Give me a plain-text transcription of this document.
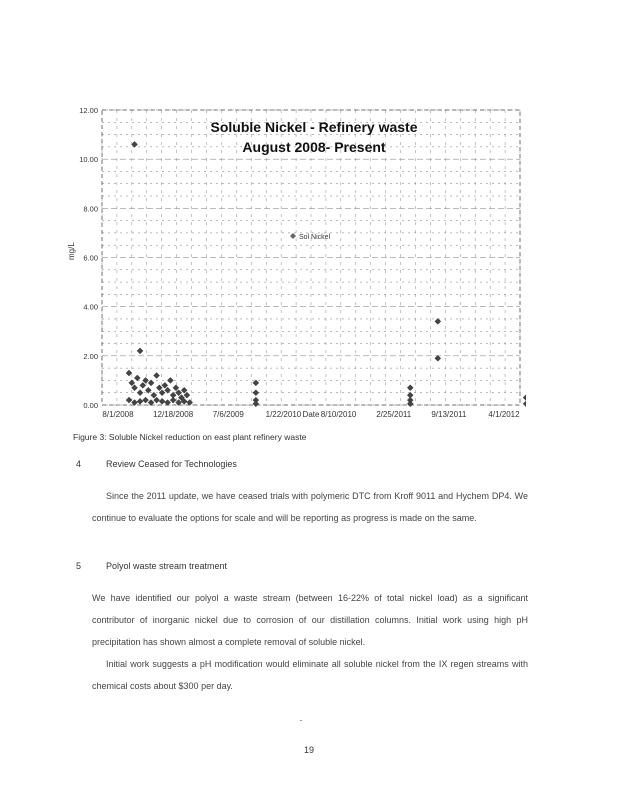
Soluble Nickel - Refinery waste
August 2008- Present
mg/L
0.00
2.00
4.00
6.00
8.00
10.00
12.00
8/1/2008 12/18/2008 7/6/2009	1/22/2010 8/10/2010 2/25/2011	9/13/2011	4/1/2012
Date
Sol Nickel
Figure 3: Soluble Nickel reduction on east plant refinery waste
4	Review Ceased for Technologies
Since the 2011 update, we have ceased trials with polymeric DTC from Kroff 9011 and Hychem DP4. We continue to evaluate the options for scale and will be reporting as progress is made on the same.
5	Polyol waste stream treatment
We have identified our polyol a waste stream (between 16-22% of total nickel load) as a significant contributor of inorganic nickel due to corrosion of our distillation columns. Initial work using high pH precipitation has shown almost a complete removal of soluble nickel.
Initial work suggests a pH modification would eliminate all soluble nickel from the IX regen streams with chemical costs about $300 per day.
19
